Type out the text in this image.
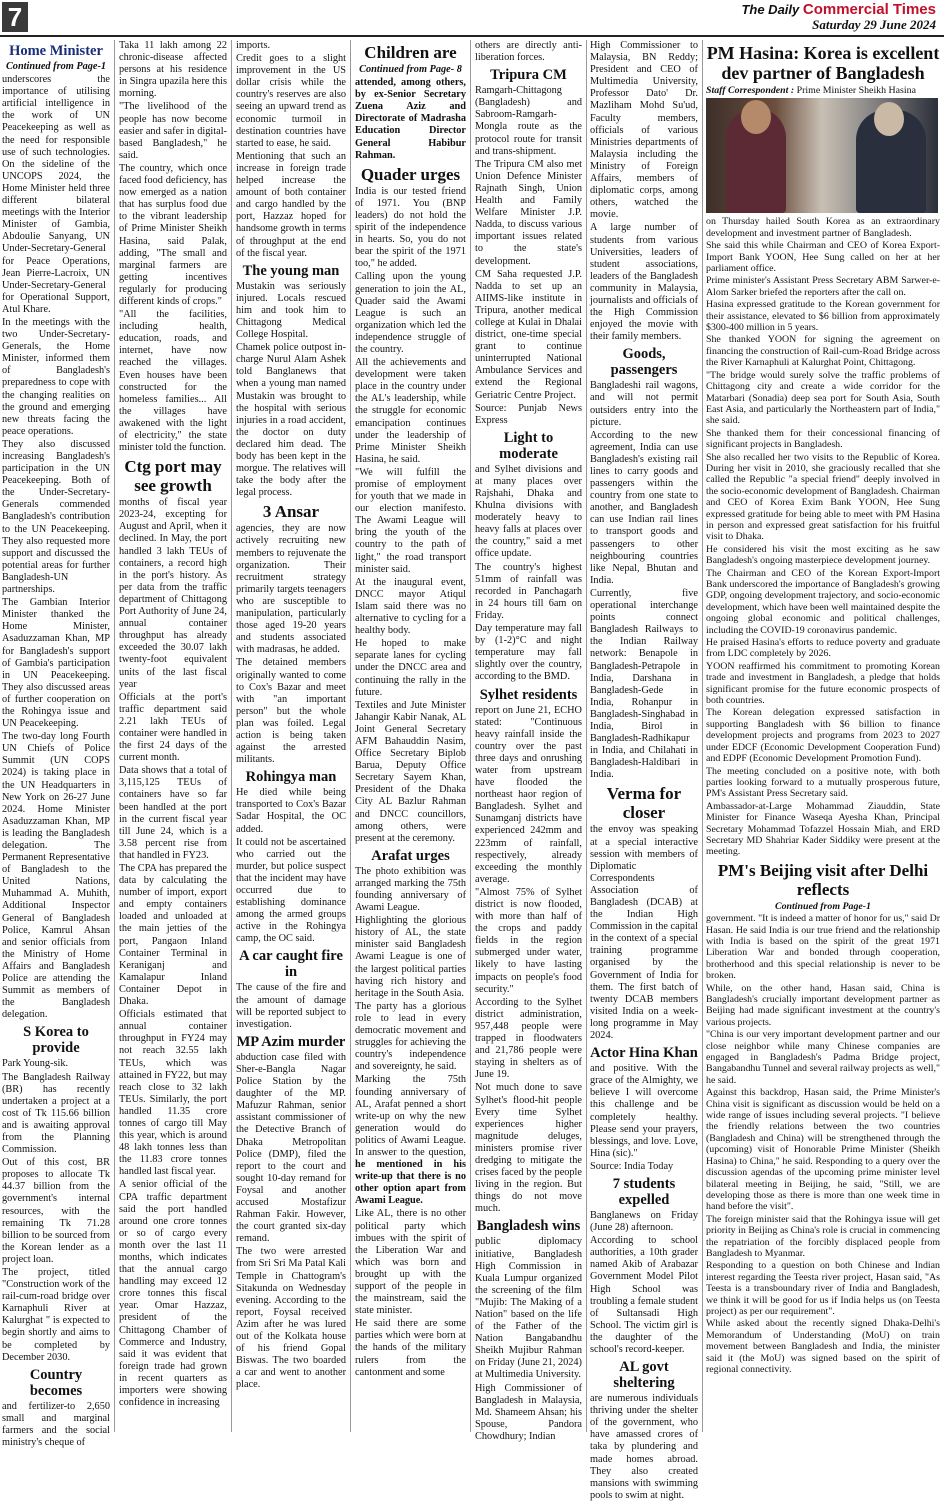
7	The Daily Commercial Times
Saturday 29 June 2024
Home Minister

Continued from Page-1

underscores the importance of utilising artificial intelligence in the work of UN Peacekeeping as well as the need for responsible use of such technologies. On the sideline of the UNCOPS 2024, the Home Minister held three different bilateral meetings with the Interior Minister of Gambia, Abdoulie Sanyang, UN Under-Secretary-General for Peace Operations, Jean Pierre-Lacroix, UN Under-Secretary-General for Operational Support, Atul Khare.

In the meetings with the two Under-Secretary-Generals, the Home Minister, informed them of Bangladesh's preparedness to cope with the changing realities on the ground and emerging new threats facing the peace operations.

They also discussed increasing Bangladesh's participation in the UN Peacekeeping. Both of the Under-Secretary-Generals commended Bangladesh's contribution to the UN Peacekeeping. They also requested more support and discussed the potential areas for further Bangladesh-UN partnerships.

The Gambian Interior Minister thanked the Home Minister, Asaduzzaman Khan, MP for Bangladesh's support of Gambia's participation in UN Peacekeeping. They also discussed areas of further cooperation on the Rohingya issue and UN Peacekeeping.

The two-day long Fourth UN Chiefs of Police Summit (UN COPS 2024) is taking place in the UN Headquarters in New York on 26-27 June 2024. Home Minister Asaduzzaman Khan, MP is leading the Bangladesh delegation. The Permanent Representative of Bangladesh to the United Nations, Muhammad A. Muhith, Additional Inspector General of Bangladesh Police, Kamrul Ahsan and senior officials from the Ministry of Home Affairs and Bangladesh Police are attending the Summit as members of the Bangladesh delegation.

S Korea to provide

Park Young-sik.

The Bangladesh Railway (BR) has recently undertaken a project at a cost of Tk 115.66 billion and is awaiting approval from the Planning Commission.

Out of this cost, BR proposes to allocate Tk 44.37 billion from the government's internal resources, with the remaining Tk 71.28 billion to be sourced from the Korean lender as a project loan.

The project, titled "Construction work of the rail-cum-road bridge over Karnaphuli River at Kalurghat " is expected to begin shortly and aims to be completed by December 2030.

Country becomes

and fertilizer-to 2,650 small and marginal farmers and the social ministry's cheque of

Taka 11 lakh among 22 chronic-disease affected persons at his residence in Singra upazila here this morning.

"The livelihood of the people has now become easier and safer in digital-based Bangladesh," he said.

The country, which once faced food deficiency, has now emerged as a nation that has surplus food due to the vibrant leadership of Prime Minister Sheikh Hasina, said Palak, adding, "The small and marginal farmers are getting incentives regularly for producing different kinds of crops."

"All the facilities, including health, education, roads, and internet, have now reached the villages. Even houses have been constructed for the homeless families... All the villages have awakened with the light of electricity," the state minister told the function.

Ctg port may see growth

months of fiscal year 2023-24, excepting for August and April, when it declined. In May, the port handled 3 lakh TEUs of containers, a record high in the port's history. As per data from the traffic department of Chittagong Port Authority of June 24, annual container throughput has already exceeded the 30.07 lakh twenty-foot equivalent units of the last fiscal year

Officials at the port's traffic department said 2.21 lakh TEUs of container were handled in the first 24 days of the current month.

Data shows that a total of 3,115,125 TEUs of containers have so far been handled at the port in the current fiscal year till June 24, which is a 3.58 percent rise from that handled in FY23.

The CPA has prepared the data by calculating the number of import, export and empty containers loaded and unloaded at the main jetties of the port, Pangaon Inland Container Terminal in Keraniganj and Kamalapur Inland Container Depot in Dhaka.

Officials estimated that annual container throughput in FY24 may not reach 32.55 lakh TEUs, which was attained in FY22, but may reach close to 32 lakh TEUs. Similarly, the port handled 11.35 crore tonnes of cargo till May this year, which is around 48 lakh tonnes less than the 11.83 crore tonnes handled last fiscal year.

A senior official of the CPA traffic department said the port handled around one crore tonnes or so of cargo every month over the last 11 months, which indicates that the annual cargo handling may exceed 12 crore tonnes this fiscal year. Omar Hazzaz, president of the Chittagong Chamber of Commerce and Industry, said it was evident that foreign trade had grown in recent quarters as importers were showing confidence in increasing

imports.

Credit goes to a slight improvement in the US dollar crisis while the country's reserves are also seeing an upward trend as economic turmoil in destination countries have started to ease, he said.

Mentioning that such an increase in foreign trade helped increase the amount of both container and cargo handled by the port, Hazzaz hoped for handsome growth in terms of throughput at the end of the fiscal year.

The young man

Mustakin was seriously injured. Locals rescued him and took him to Chittagong Medical College Hospital.

Chamek police outpost in-charge Nurul Alam Ashek told Banglanews that when a young man named Mustakin was brought to the hospital with serious injuries in a road accident, the doctor on duty declared him dead. The body has been kept in the morgue. The relatives will take the body after the legal process.

3 Ansar

agencies, they are now actively recruiting new members to rejuvenate the organization. Their recruitment strategy primarily targets teenagers who are susceptible to manipulation, particularly those aged 19-20 years and students associated with madrasas, he added.

The detained members originally wanted to come to Cox's Bazar and meet with "an important person" but the whole plan was foiled. Legal action is being taken against the arrested militants.

Rohingya man

He died while being transported to Cox's Bazar Sadar Hospital, the OC added.

It could not be ascertained who carried out the murder, but police suspect that the incident may have occurred due to establishing dominance among the armed groups active in the Rohingya camp, the OC said.

A car caught fire in

The cause of the fire and the amount of damage will be reported subject to investigation.

MP Azim murder

abduction case filed with Sher-e-Bangla Nagar Police Station by the daughter of the MP. Mafuzur Rahman, senior assistant commissioner of the Detective Branch of Dhaka Metropolitan Police (DMP), filed the report to the court and sought 10-day remand for Foysal and another accused Mostafizur Rahman Fakir. However, the court granted six-day remand.

The two were arrested from Sri Sri Ma Patal Kali Temple in Chattogram's Sitakunda on Wednesday evening. According to the report, Foysal received Azim after he was lured out of the Kolkata house of his friend Gopal Biswas. The two boarded a car and went to another place.

Children are

Continued from Page- 8

attended, among others, by ex-Senior Secretary Zuena Aziz and Directorate of Madrasha Education Director General Habibur Rahman.

Quader urges

India is our tested friend of 1971. You (BNP leaders) do not hold the spirit of the independence in hearts. So, you do not bear the spirit of the 1971 too," he added.

Calling upon the young generation to join the AL, Quader said the Awami League is such an organization which led the independence struggle of the country.

All the achievements and development were taken place in the country under the AL's leadership, while the struggle for economic emancipation continues under the leadership of Prime Minister Sheikh Hasina, he said.

"We will fulfill the promise of employment for youth that we made in our election manifesto. The Awami League will bring the youth of the country to the path of light," the road transport minister said.

At the inaugural event, DNCC mayor Atiqul Islam said there was no alternative to cycling for a healthy body.

He hoped to make separate lanes for cycling under the DNCC area and continuing the rally in the future.

Textiles and Jute Minister Jahangir Kabir Nanak, AL Joint General Secretary AFM Bahauddin Nasim, Office Secretary Biplob Barua, Deputy Office Secretary Sayem Khan, President of the Dhaka City AL Bazlur Rahman and DNCC councillors, among others, were present at the ceremony.

Arafat urges

The photo exhibition was arranged marking the 75th founding anniversary of Awami League.

Highlighting the glorious history of AL, the state minister said Bangladesh Awami League is one of the largest political parties having rich history and heritage in the South Asia.

The party has a glorious role to lead in every democratic movement and struggles for achieving the country's independence and sovereignty, he said.

Marking the 75th founding anniversary of AL, Arafat penned a short write-up on why the new generation would do politics of Awami League. In answer to the question, he mentioned in his write-up that there is no other option apart from Awami League.

Like AL, there is no other political party which imbues with the spirit of the Liberation War and which was born and brought up with the support of the people in the mainstream, said the state minister.

He said there are some parties which were born at the hands of the military rulers from the cantonment and some

others are directly anti-liberation forces.

Tripura CM

Ramgarh-Chittagong (Bangladesh) and Sabroom-Ramgarh-Mongla route as the protocol route for transit and trans-shipment.

The Tripura CM also met Union Defence Minister Rajnath Singh, Union Health and Family Welfare Minister J.P. Nadda, to discuss various important issues related to the state's development.

CM Saha requested J.P. Nadda to set up an AIIMS-like institute in Tripura, another medical college at Kulai in Dhalai district, one-time special grant to continue uninterrupted National Ambulance Services and extend the Regional Geriatric Centre Project.

Source: Punjab News Express

Light to moderate

and Sylhet divisions and at many places over Rajshahi, Dhaka and Khulna divisions with moderately heavy to heavy falls at places over the country," said a met office update.

The country's highest 51mm of rainfall was recorded in Panchagarh in 24 hours till 6am on Friday.

Day temperature may fall by (1-2)°C and night temperature may fall slightly over the country, according to the BMD.

Sylhet residents

report on June 21, ECHO stated: "Continuous heavy rainfall inside the country over the past three days and onrushing water from upstream have flooded the northeast haor region of Bangladesh. Sylhet and Sunamganj districts have experienced 242mm and 223mm of rainfall, respectively, already exceeding the monthly average.

"Almost 75% of Sylhet district is now flooded, with more than half of the crops and paddy fields in the region submerged under water, likely to have lasting impacts on people's food security."

According to the Sylhet district administration, 957,448 people were trapped in floodwaters and 21,786 people were staying in shelters as of June 19.

Not much done to save Sylhet's flood-hit people Every time Sylhet experiences higher magnitude deluges, ministers promise river dredging to mitigate the crises faced by the people living in the region. But things do not move much.

Bangladesh wins

public diplomacy initiative, Bangladesh High Commission in Kuala Lumpur organized the screening of the film "Mujib: The Making of a Nation" based on the life of the Father of the Nation Bangabandhu Sheikh Mujibur Rahman on Friday (June 21, 2024) at Multimedia University.

High Commissioner of Bangladesh in Malaysia, Md. Shameem Ahsan; his Spouse, Pandora Chowdhury; Indian

High Commissioner to Malaysia, BN Reddy; President and CEO of Multimedia University, Professor Dato' Dr. Mazliham Mohd Su'ud, Faculty members, officials of various Ministries departments of Malaysia including the Ministry of Foreign Affairs, members of diplomatic corps, among others, watched the movie.

A large number of students from various Universities, leaders of student associations, leaders of the Bangladesh community in Malaysia, journalists and officials of the High Commission enjoyed the movie with their family members.

Goods, passengers

Bangladeshi rail wagons, and will not permit outsiders entry into the picture.

According to the new agreement, India can use Bangladesh's existing rail lines to carry goods and passengers within the country from one state to another, and Bangladesh can use Indian rail lines to transport goods and passengers to other neighbouring countries like Nepal, Bhutan and India.

Currently, five operational interchange points connect Bangladesh Railways to the Indian Railway network: Benapole in Bangladesh-Petrapole in India, Darshana in Bangladesh-Gede in India, Rohanpur in Bangladesh-Singhabad in India, Birol in Bangladesh-Radhikapur in India, and Chilahati in Bangladesh-Haldibari in India.

Verma for closer

the envoy was speaking at a special interactive session with members of Diplomatic Correspondents Association of Bangladesh (DCAB) at the Indian High Commission in the capital in the context of a special training programme organised by the Government of India for them. The first batch of twenty DCAB members visited India on a week-long programme in May 2024.

Actor Hina Khan

and positive. With the grace of the Almighty, we believe I will overcome this challenge and be completely healthy. Please send your prayers, blessings, and love. Love, Hina (sic)."

Source: India Today

7 students expelled

Banglanews on Friday (June 28) afternoon.

According to school authorities, a 10th grader named Akib of Arabazar Government Model Pilot High School was troubling a female student of Sultansadi High School. The victim girl is the daughter of the school's record-keeper.

AL govt sheltering

are numerous individuals thriving under the shelter of the government, who have amassed crores of taka by plundering and made homes abroad. They also created mansions with swimming pools to swim at night.

PM Hasina: Korea is excellent dev partner of Bangladesh

Staff Correspondent : Prime Minister Sheikh Hasina

on Thursday hailed South Korea as an extraordinary development and investment partner of Bangladesh.

She said this while Chairman and CEO of Korea Export-Import Bank YOON, Hee Sung called on her at her parliament office.

Prime minister's Assistant Press Secretary ABM Sarwer-e-Alom Sarker briefed the reporters after the call on.

Hasina expressed gratitude to the Korean government for their assistance, elevated to $6 billion from approximately $300-400 million in 5 years.

She thanked YOON for signing the agreement on financing the construction of Rail-cum-Road Bridge across the River Karnaphuli at Kalurghat Point, Chittagong.

"The bridge would surely solve the traffic problems of Chittagong city and create a wide corridor for the Matarbari (Sonadia) deep sea port for South Asia, South East Asia, and particularly the Northeastern part of India," she said.

She thanked them for their concessional financing of significant projects in Bangladesh.

She also recalled her two visits to the Republic of Korea. During her visit in 2010, she graciously recalled that she called the Republic "a special friend" deeply involved in the socio-economic development of Bangladesh. Chairman and CEO of Korea Exim Bank YOON, Hee Sung expressed gratitude for being able to meet with PM Hasina in person and expressed great satisfaction for his fruitful visit to Dhaka.

He considered his visit the most exciting as he saw Bangladesh's ongoing masterpiece development journey.

The Chairman and CEO of the Korean Export-Import Bank underscored the importance of Bangladesh's growing GDP, ongoing development trajectory, and socio-economic development, which have been well maintained despite the ongoing global economic and political challenges, including the COVID-19 coronavirus pandemic.

He praised Hasina's efforts to reduce poverty and graduate from LDC completely by 2026.

YOON reaffirmed his commitment to promoting Korean trade and investment in Bangladesh, a pledge that holds significant promise for the future economic prospects of both countries.

The Korean delegation expressed satisfaction in supporting Bangladesh with $6 billion to finance development projects and programs from 2023 to 2027 under EDCF (Economic Development Cooperation Fund) and EDPF (Economic Development Promotion Fund).

The meeting concluded on a positive note, with both parties looking forward to a mutually prosperous future, PM's Assistant Press Secretary said.

Ambassador-at-Large Mohammad Ziauddin, State Minister for Finance Waseqa Ayesha Khan, Principal Secretary Mohammad Tofazzel Hossain Miah, and ERD Secretary MD Shahriar Kader Siddiky were present at the meeting.

PM's Beijing visit after Delhi reflects

Continued from Page-1

government. "It is indeed a matter of honor for us," said Dr Hasan. He said India is our true friend and the relationship with India is based on the spirit of the great 1971 Liberation War and bonded through cooperation, brotherhood and this special relationship is never to be broken.

While, on the other hand, Hasan said, China is Bangladesh's crucially important development partner as Beijing had made significant investment at the country's various projects.

"China is our very important development partner and our close neighbor while many Chinese companies are engaged in Bangladesh's Padma Bridge project, Bangabandhu Tunnel and several railway projects as well," he said.

Against this backdrop, Hasan said, the Prime Minister's China visit is significant as discussion would be held on a wide range of issues including several projects. "I believe the friendly relations between the two countries (Bangladesh and China) will be strengthened through the (upcoming) visit of Honorable Prime Minister (Sheikh Hasina) to China," he said. Responding to a query over the discussion agendas of the upcoming prime minister level bilateral meeting in Beijing, he said, "Still, we are developing those as there is more than one week time in hand before the visit".

The foreign minister said that the Rohingya issue will get priority in Beijing as China's role is crucial in commencing the repatriation of the forcibly displaced people from Bangladesh to Myanmar.

Responding to a question on both Chinese and Indian interest regarding the Teesta river project, Hasan said, "As Teesta is a transboundary river of India and Bangladesh, we think it will be good for us if India helps us (on Teesta project) as per our requirement".

While asked about the recently signed Dhaka-Delhi's Memorandum of Understanding (MoU) on train movement between Bangladesh and India, the minister said it (the MoU) was signed based on the spirit of regional connectivity.
